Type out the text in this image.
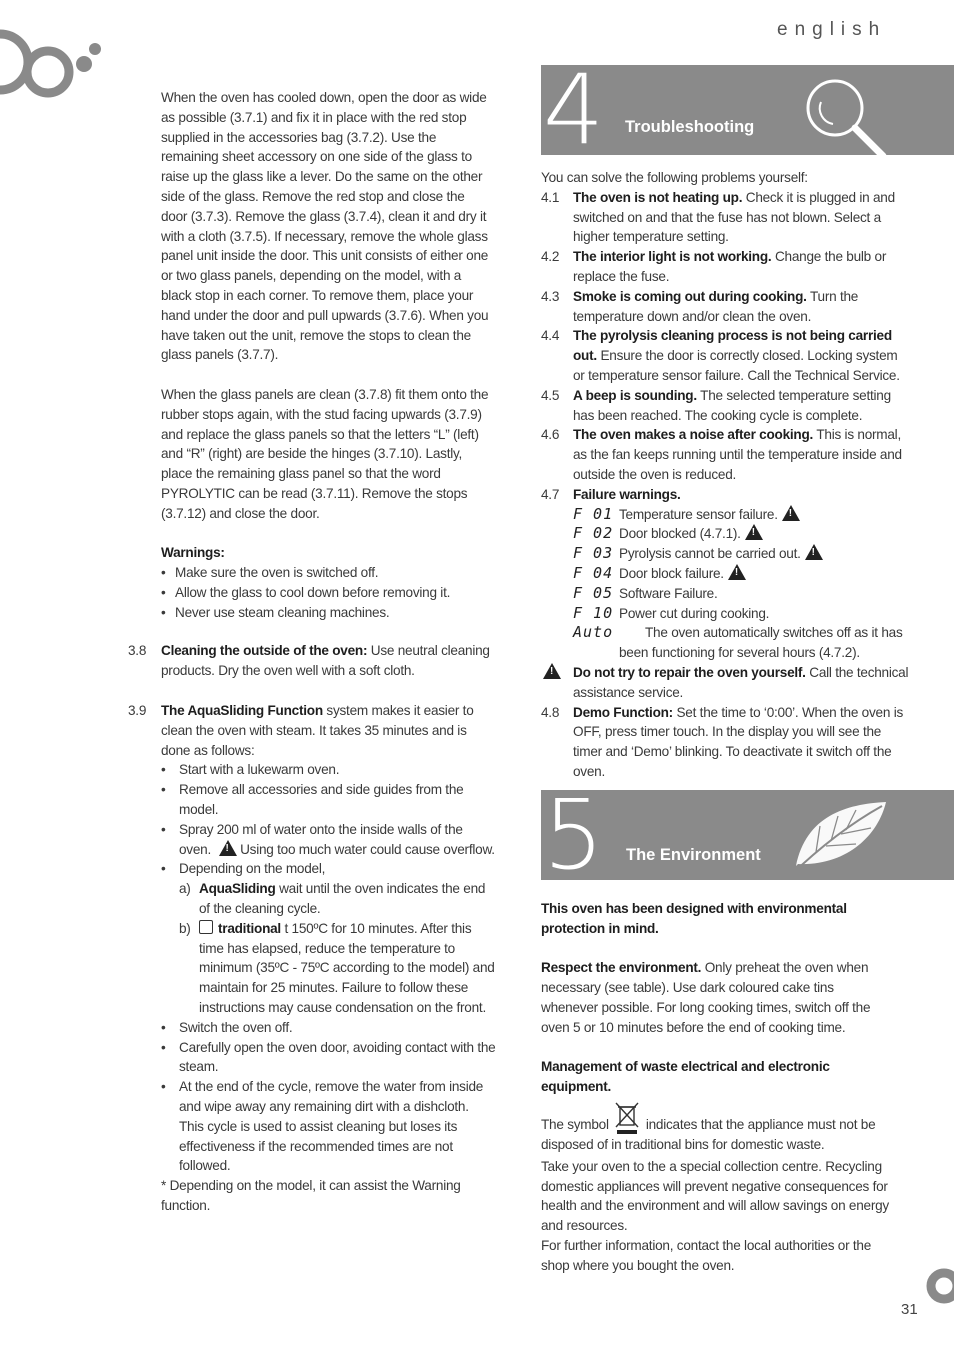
english
31

When the oven has cooled down, open the door as wide as possible (3.7.1) and fix it in place with the red stop supplied in the accessories bag (3.7.2). Use the remaining sheet accessory on one side of the glass to raise up the glass like a lever. Do the same on the other side of the glass. Remove the red stop and close the door (3.7.3). Remove the glass (3.7.4), clean it and dry it with a cloth (3.7.5). If necessary, remove the whole glass panel unit inside the door. This unit consists of either one or two glass panels, depending on the model, with a black stop in each corner. To remove them, place your hand under the door and pull upwards (3.7.6). When you have taken out the unit, remove the stops to clean the glass panels (3.7.7).

When the glass panels are clean (3.7.8) fit them onto the rubber stops again, with the stud facing upwards (3.7.9) and replace the glass panels so that the letters “L” (left) and “R” (right) are beside the hinges (3.7.10). Lastly, place the remaining glass panel so that the word PYROLYTIC can be read (3.7.11). Remove the stops (3.7.12) and close the door.

Warnings:

• Make sure the oven is switched off.
• Allow the glass to cool down before removing it.
• Never use steam cleaning machines.
3.8 Cleaning the outside of the oven: Use neutral cleaning products. Dry the oven well with a soft cloth.
3.9 The AquaSliding Function system makes it easier to clean the oven with steam. It takes 35 minutes and is done as follows:
• Start with a lukewarm oven.
• Remove all accessories and side guides from the model.
• Spray 200 ml of water onto the inside walls of the oven. ! Using too much water could cause overflow.
• Depending on the model,
a) AquaSliding wait until the oven indicates the end of the cleaning cycle.
b) traditional t 150ºC for 10 minutes. After this time has elapsed, reduce the temperature to minimum (35ºC - 75ºC according to the model) and maintain for 25 minutes. Failure to follow these instructions may cause condensation on the front.
• Switch the oven off.
• Carefully open the oven door, avoiding contact with the steam.
• At the end of the cycle, remove the water from inside and wipe away any remaining dirt with a dishcloth. This cycle is used to assist cleaning but loses its effectiveness if the recommended times are not followed.

* Depending on the model, it can assist the Warning function.

4 Troubleshooting

You can solve the following problems yourself:

4.1 The oven is not heating up. Check it is plugged in and switched on and that the fuse has not blown. Select a higher temperature setting.
4.2 The interior light is not working. Change the bulb or replace the fuse.
4.3 Smoke is coming out during cooking. Turn the temperature down and/or clean the oven.
4.4 The pyrolysis cleaning process is not being carried out. Ensure the door is correctly closed. Locking system or temperature sensor failure. Call the Technical Service.
4.5 A beep is sounding. The selected temperature setting has been reached. The cooking cycle is complete.
4.6 The oven makes a noise after cooking. This is normal, as the fan keeps running until the temperature inside and outside the oven is reduced.
4.7 Failure warnings.
F 01 Temperature sensor failure.!
F 02 Door blocked (4.7.1).!
F 03 Pyrolysis cannot be carried out.!
F 04 Door block failure.!
F 05 Software Failure.
F 10 Power cut during cooking.
Auto	The oven automatically switches off as it has been functioning for several hours (4.7.2).
!
Do not try to repair the oven yourself. Call the technical assistance service.
4.8 Demo Function: Set the time to ‘0:00’. When the oven is OFF, press timer touch. In the display you will see the timer and ‘Demo’ blinking. To deactivate it switch off the oven.
5 The Environment

This oven has been designed with environmental protection in mind.

Respect the environment. Only preheat the oven when necessary (see table). Use dark coloured cake tins whenever possible. For long cooking times, switch off the oven 5 or 10 minutes before the end of cooking time.

Management of waste electrical and electronic equipment.

The symbol	indicates that the appliance must not be disposed of in traditional bins for domestic waste.

Take your oven to the a special collection centre. Recycling domestic appliances will prevent negative consequences for health and the environment and will allow savings on energy and resources.

For further information, contact the local authorities or the shop where you bought the oven.
